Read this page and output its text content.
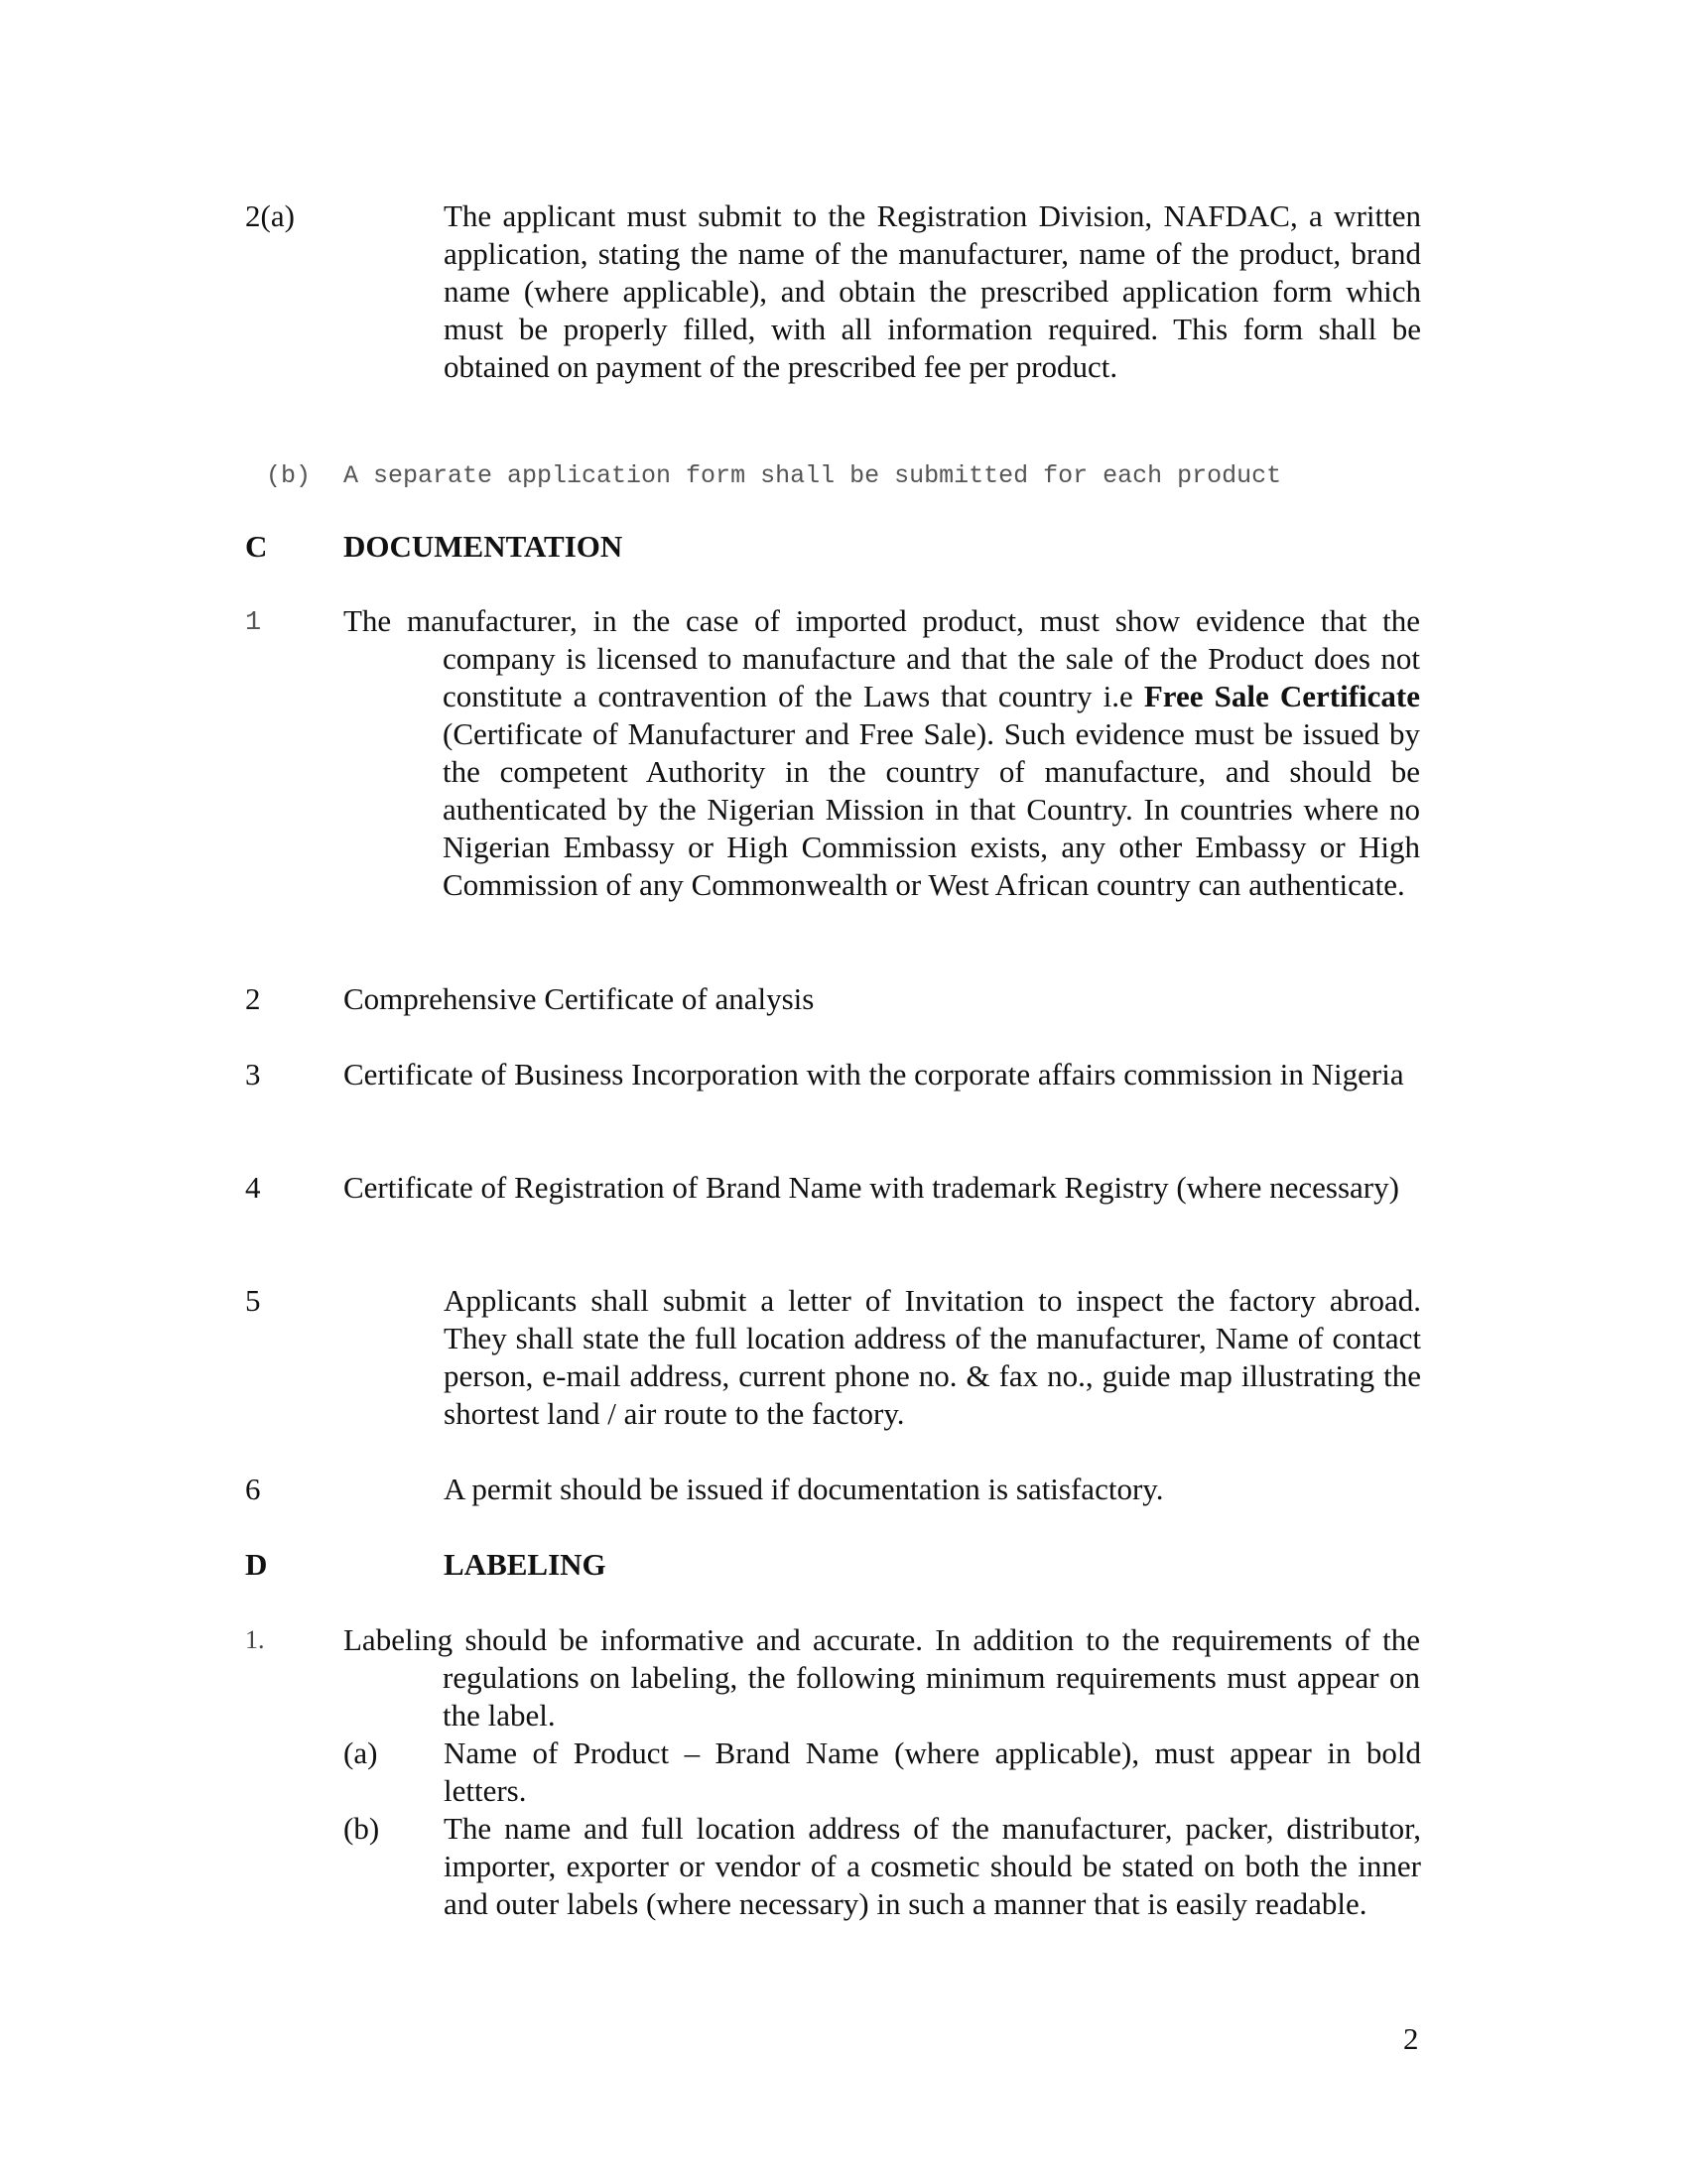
2(a)	The applicant must submit to the Registration Division, NAFDAC, a written application, stating the name of the manufacturer, name of the product, brand name (where applicable), and obtain the prescribed application form which must be properly filled, with all information required. This form shall be obtained on payment of the prescribed fee per product.
(b) A separate application form shall be submitted for each product
C DOCUMENTATION
1	The manufacturer, in the case of imported product, must show evidence that the company is licensed to manufacture and that the sale of the Product does not constitute a contravention of the Laws that country i.e Free Sale Certificate (Certificate of Manufacturer and Free Sale). Such evidence must be issued by the competent Authority in the country of manufacture, and should be authenticated by the Nigerian Mission in that Country. In countries where no Nigerian Embassy or High Commission exists, any other Embassy or High Commission of any Commonwealth or West African country can authenticate.
2	Comprehensive Certificate of analysis
3	Certificate of Business Incorporation with the corporate affairs commission in Nigeria
4	Certificate of Registration of Brand Name with trademark Registry (where necessary)
5	Applicants shall submit a letter of Invitation to inspect the factory abroad. They shall state the full location address of the manufacturer, Name of contact person, e-mail address, current phone no. & fax no., guide map illustrating the shortest land / air route to the factory.
6	A permit should be issued if documentation is satisfactory.
D	LABELING
1.	Labeling should be informative and accurate. In addition to the requirements of the regulations on labeling, the following minimum requirements must appear on the label.
(a) Name of Product – Brand Name (where applicable), must appear in bold letters.
(b) The name and full location address of the manufacturer, packer, distributor, importer, exporter or vendor of a cosmetic should be stated on both the inner and outer labels (where necessary) in such a manner that is easily readable.
2
